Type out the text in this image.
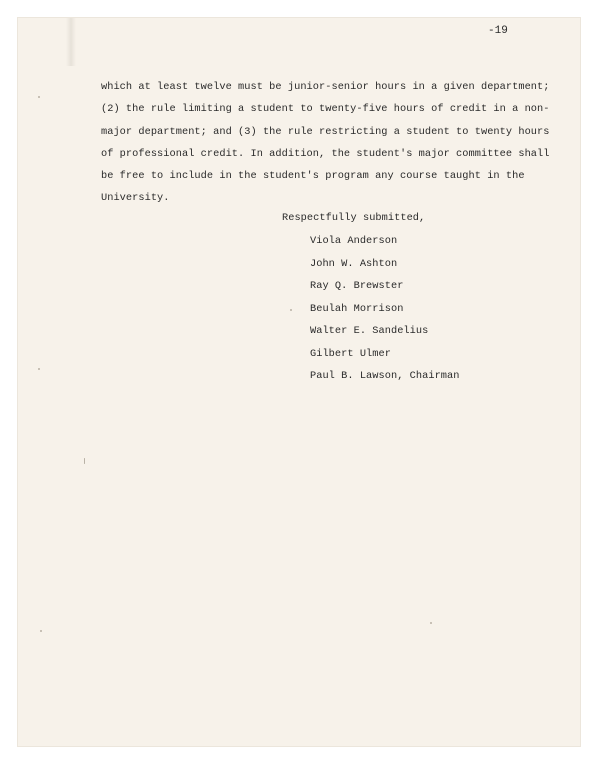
-19
which at least twelve must be junior-senior hours in a given department;
(2) the rule limiting a student to twenty-five hours of credit in a non-
major department; and (3) the rule restricting a student to twenty hours
of professional credit. In addition, the student's major committee shall
be free to include in the student's program any course taught in the
University.
Respectfully submitted,
Viola Anderson
John W. Ashton
Ray Q. Brewster
Beulah Morrison
Walter E. Sandelius
Gilbert Ulmer
Paul B. Lawson, Chairman
